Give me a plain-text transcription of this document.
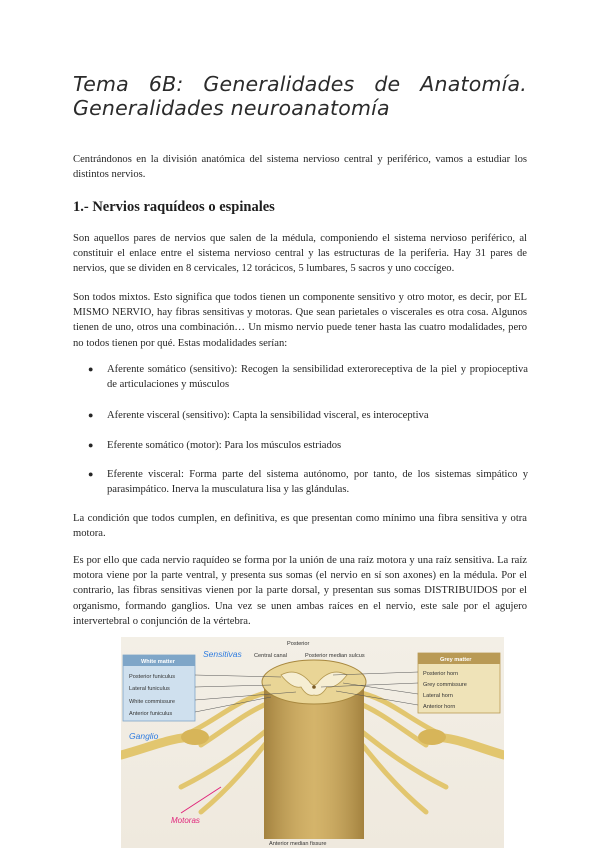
Tema 6B: Generalidades de Anatomía.
Generalidades neuroanatomía
Centrándonos en la división anatómica del sistema nervioso central y periférico, vamos a estudiar los distintos nervios.
1.- Nervios raquídeos o espinales
Son aquellos pares de nervios que salen de la médula, componiendo el sistema nervioso periférico, al constituir el enlace entre el sistema nervioso central y las estructuras de la periferia. Hay 31 pares de nervios, que se dividen en 8 cervicales, 12 torácicos, 5 lumbares, 5 sacros y uno coccígeo.
Son todos mixtos. Esto significa que todos tienen un componente sensitivo y otro motor, es decir, por EL MISMO NERVIO, hay fibras sensitivas y motoras. Que sean parietales o viscerales es otra cosa. Algunos tienen de uno, otros una combinación… Un mismo nervio puede tener hasta las cuatro modalidades, pero no todos tienen por qué. Estas modalidades serían:
● Aferente somático (sensitivo): Recogen la sensibilidad exteroreceptiva de la piel y propioceptiva de articulaciones y músculos
● Aferente visceral (sensitivo): Capta la sensibilidad visceral, es interoceptiva
● Eferente somático (motor): Para los músculos estriados
● Eferente visceral: Forma parte del sistema autónomo, por tanto, de los sistemas simpático y parasimpático. Inerva la musculatura lisa y las glándulas.
La condición que todos cumplen, en definitiva, es que presentan como mínimo una fibra sensitiva y otra motora.
Es por ello que cada nervio raquídeo se forma por la unión de una raíz motora y una raíz sensitiva. La raíz motora viene por la parte ventral, y presenta sus somas (el nervio en sí son axones) en la médula. Por el contrario, las fibras sensitivas vienen por la parte dorsal, y presentan sus somas DISTRIBUIDOS por el organismo, formando ganglios. Una vez se unen ambas raíces en el nervio, este sale por el agujero intervertebral o conjunción de la vértebra.
White matter
Posterior funiculus
Lateral funiculus
White commissure
Anterior funiculus
Grey matter
Posterior horn
Grey commissure
Lateral horn
Anterior horn
Posterior
Central canal	Posterior median sulcus
Anterior median fissure
Sensitivas
Ganglio
Motoras
